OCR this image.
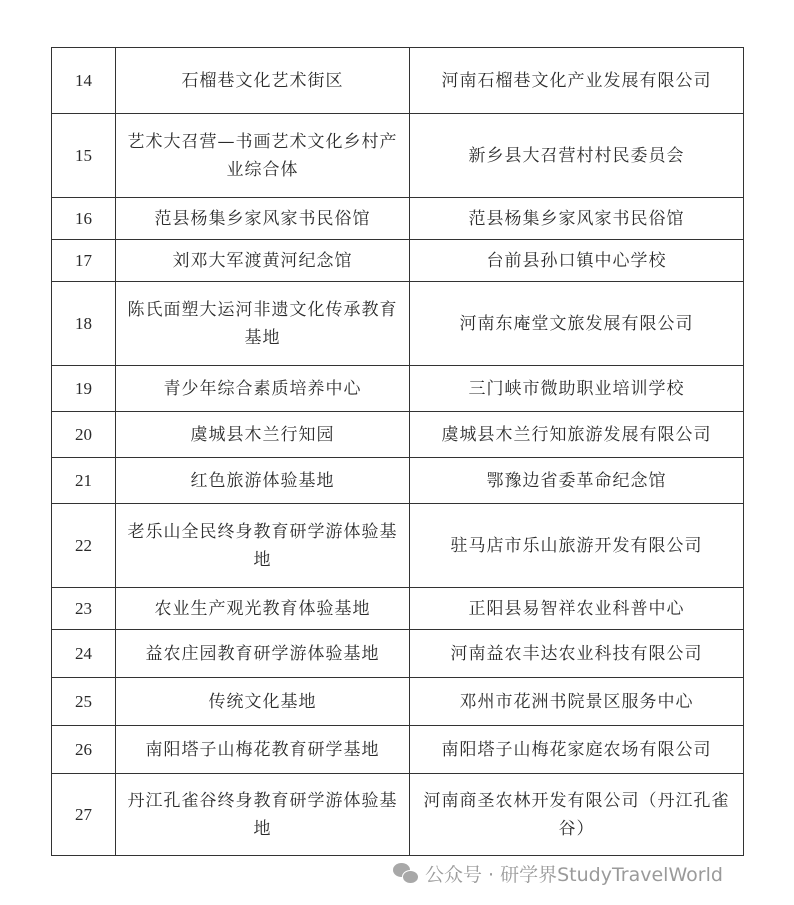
14	石榴巷文化艺术街区	河南石榴巷文化产业发展有限公司
15	艺术大召营—书画艺术文化乡村产业综合体	新乡县大召营村村民委员会
16	范县杨集乡家风家书民俗馆	范县杨集乡家风家书民俗馆
17	刘邓大军渡黄河纪念馆	台前县孙口镇中心学校
18	陈氏面塑大运河非遗文化传承教育基地	河南东庵堂文旅发展有限公司
19	青少年综合素质培养中心	三门峡市微助职业培训学校
20	虞城县木兰行知园	虞城县木兰行知旅游发展有限公司
21	红色旅游体验基地	鄂豫边省委革命纪念馆
22	老乐山全民终身教育研学游体验基地	驻马店市乐山旅游开发有限公司
23	农业生产观光教育体验基地	正阳县易智祥农业科普中心
24	益农庄园教育研学游体验基地	河南益农丰达农业科技有限公司
25	传统文化基地	邓州市花洲书院景区服务中心
26	南阳塔子山梅花教育研学基地	南阳塔子山梅花家庭农场有限公司
27	丹江孔雀谷终身教育研学游体验基地	河南商圣农林开发有限公司（丹江孔雀谷）
公众号 · 研学界StudyTravelWorld
